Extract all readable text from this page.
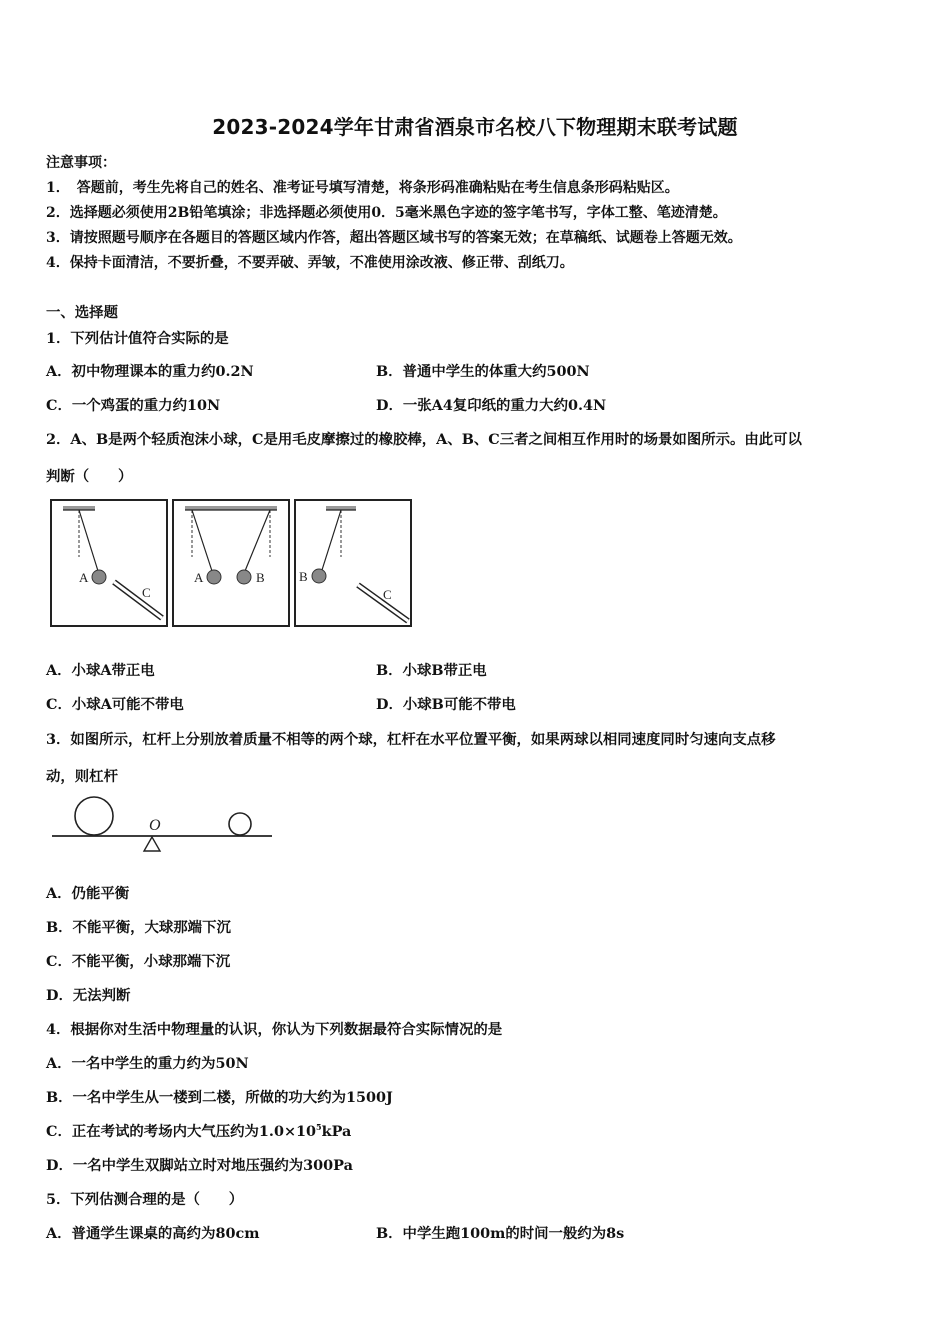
2023-2024学年甘肃省酒泉市名校八下物理期末联考试题
注意事项：
1．　答题前，考生先将自己的姓名、准考证号填写清楚，将条形码准确粘贴在考生信息条形码粘贴区。
2．选择题必须使用2B铅笔填涂；非选择题必须使用0．5毫米黑色字迹的签字笔书写，字体工整、笔迹清楚。
3．请按照题号顺序在各题目的答题区域内作答，超出答题区域书写的答案无效；在草稿纸、试题卷上答题无效。
4．保持卡面清洁，不要折叠，不要弄破、弄皱，不准使用涂改液、修正带、刮纸刀。
一、选择题
1．下列估计值符合实际的是
A．初中物理课本的重力约0.2N	B．普通中学生的体重大约500N
C．一个鸡蛋的重力约10N	D．一张A4复印纸的重力大约0.4N
2．A、B是两个轻质泡沫小球，C是用毛皮摩擦过的橡胶棒，A、B、C三者之间相互作用时的场景如图所示。由此可以
判断（　　）
A
C
A	B	B
C
A．小球A带正电	B．小球B带正电
C．小球A可能不带电	D．小球B可能不带电
3．如图所示，杠杆上分别放着质量不相等的两个球，杠杆在水平位置平衡，如果两球以相同速度同时匀速向支点移
动，则杠杆
O
A．仍能平衡
B．不能平衡，大球那端下沉
C．不能平衡，小球那端下沉
D．无法判断
4．根据你对生活中物理量的认识，你认为下列数据最符合实际情况的是
A．一名中学生的重力约为50N
B．一名中学生从一楼到二楼，所做的功大约为1500J
C．正在考试的考场内大气压约为$1.0\times 10^5kPa$
D．一名中学生双脚站立时对地压强约为300Pa
5．下列估测合理的是（　　）
A．普通学生课桌的高约为80cm	B．中学生跑100m的时间一般约为8s
